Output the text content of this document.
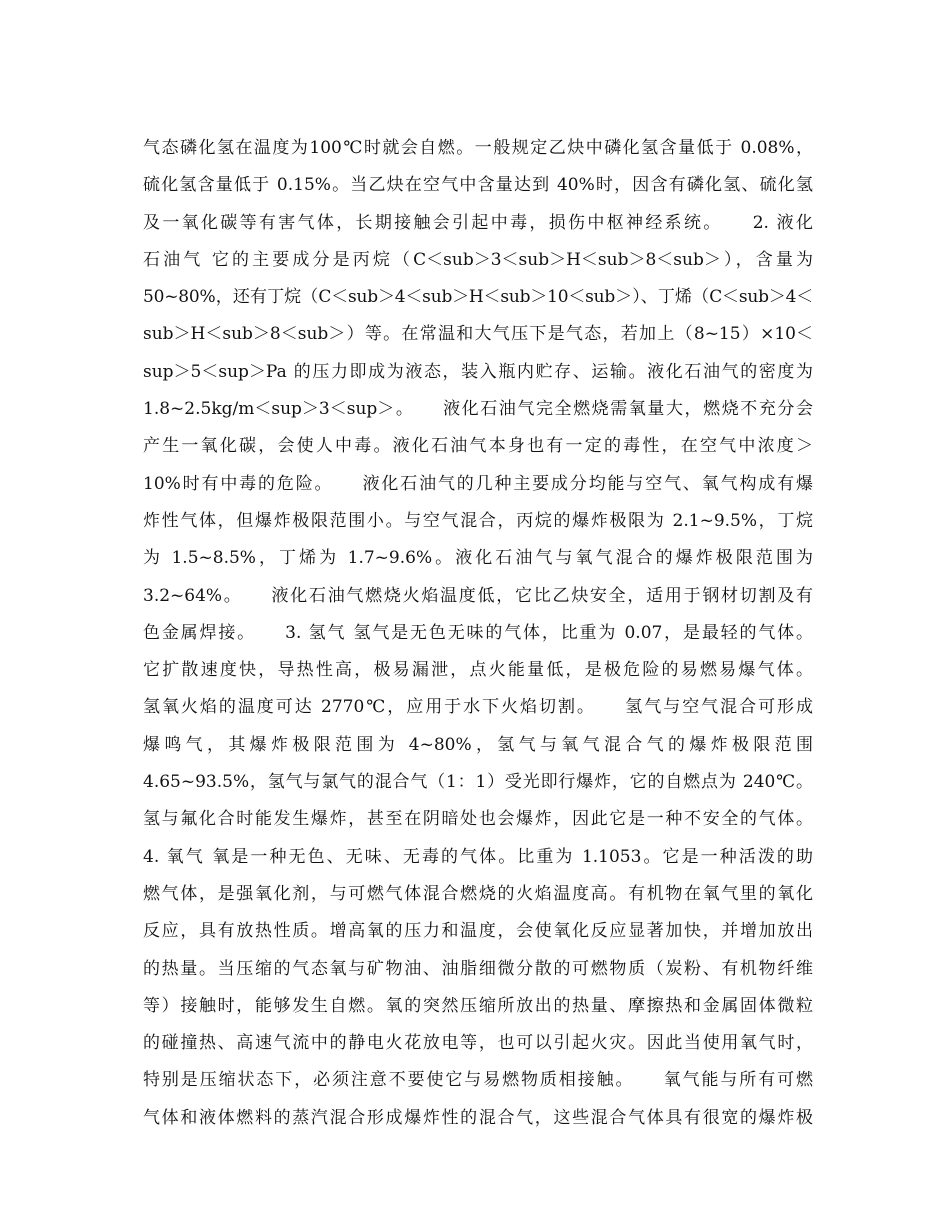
气态磷化氢在温度为100℃时就会自燃。一般规定乙炔中磷化氢含量低于 0.08%，
硫化氢含量低于 0.15%。当乙炔在空气中含量达到 40%时，因含有磷化氢、硫化氢
及一氧化碳等有害气体，长期接触会引起中毒，损伤中枢神经系统。　　2. 液化
石油气 它的主要成分是丙烷（C＜sub＞3＜sub＞H＜sub＞8＜sub＞），含量为
50~80%，还有丁烷（C＜sub＞4＜sub＞H＜sub＞10＜sub＞）、丁烯（C＜sub＞4＜
sub＞H＜sub＞8＜sub＞）等。在常温和大气压下是气态，若加上（8~15）×10＜
sup＞5＜sup＞Pa 的压力即成为液态，装入瓶内贮存、运输。液化石油气的密度为
1.8~2.5kg/m＜sup＞3＜sup＞。　　液化石油气完全燃烧需氧量大，燃烧不充分会
产生一氧化碳，会使人中毒。液化石油气本身也有一定的毒性，在空气中浓度＞
10%时有中毒的危险。　　液化石油气的几种主要成分均能与空气、氧气构成有爆
炸性气体，但爆炸极限范围小。与空气混合，丙烷的爆炸极限为 2.1~9.5%，丁烷
为 1.5~8.5%，丁烯为 1.7~9.6%。液化石油气与氧气混合的爆炸极限范围为
3.2~64%。　　液化石油气燃烧火焰温度低，它比乙炔安全，适用于钢材切割及有
色金属焊接。　　3. 氢气 氢气是无色无味的气体，比重为 0.07，是最轻的气体。
它扩散速度快，导热性高，极易漏泄，点火能量低，是极危险的易燃易爆气体。
氢氧火焰的温度可达 2770℃，应用于水下火焰切割。　　氢气与空气混合可形成
爆鸣气，其爆炸极限范围为 4~80%，氢气与氧气混合气的爆炸极限范围
4.65~93.5%，氢气与氯气的混合气（1：1）受光即行爆炸，它的自燃点为 240℃。
氢与氟化合时能发生爆炸，甚至在阴暗处也会爆炸，因此它是一种不安全的气体。
4. 氧气 氧是一种无色、无味、无毒的气体。比重为 1.1053。它是一种活泼的助
燃气体，是强氧化剂，与可燃气体混合燃烧的火焰温度高。有机物在氧气里的氧化
反应，具有放热性质。增高氧的压力和温度，会使氧化反应显著加快，并增加放出
的热量。当压缩的气态氧与矿物油、油脂细微分散的可燃物质（炭粉、有机物纤维
等）接触时，能够发生自燃。氧的突然压缩所放出的热量、摩擦热和金属固体微粒
的碰撞热、高速气流中的静电火花放电等，也可以引起火灾。因此当使用氧气时，
特别是压缩状态下，必须注意不要使它与易燃物质相接触。　　氧气能与所有可燃
气体和液体燃料的蒸汽混合形成爆炸性的混合气，这些混合气体具有很宽的爆炸极
